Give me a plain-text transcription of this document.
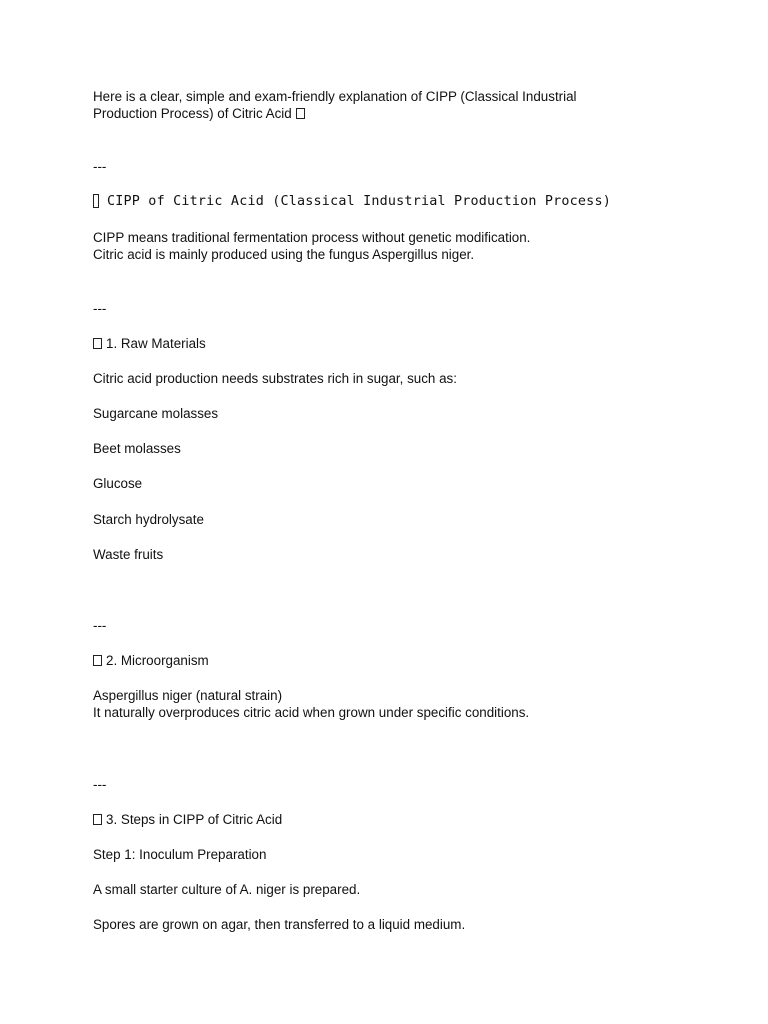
Here is a clear, simple and exam-friendly explanation of CIPP (Classical Industrial
Production Process) of Citric Acid
---
CIPP of Citric Acid (Classical Industrial Production Process)
CIPP means traditional fermentation process without genetic modification.
Citric acid is mainly produced using the fungus Aspergillus niger.
---
1. Raw Materials
Citric acid production needs substrates rich in sugar, such as:
Sugarcane molasses
Beet molasses
Glucose
Starch hydrolysate
Waste fruits
---
2. Microorganism
Aspergillus niger (natural strain)
It naturally overproduces citric acid when grown under specific conditions.
---
3. Steps in CIPP of Citric Acid
Step 1: Inoculum Preparation
A small starter culture of A. niger is prepared.
Spores are grown on agar, then transferred to a liquid medium.
